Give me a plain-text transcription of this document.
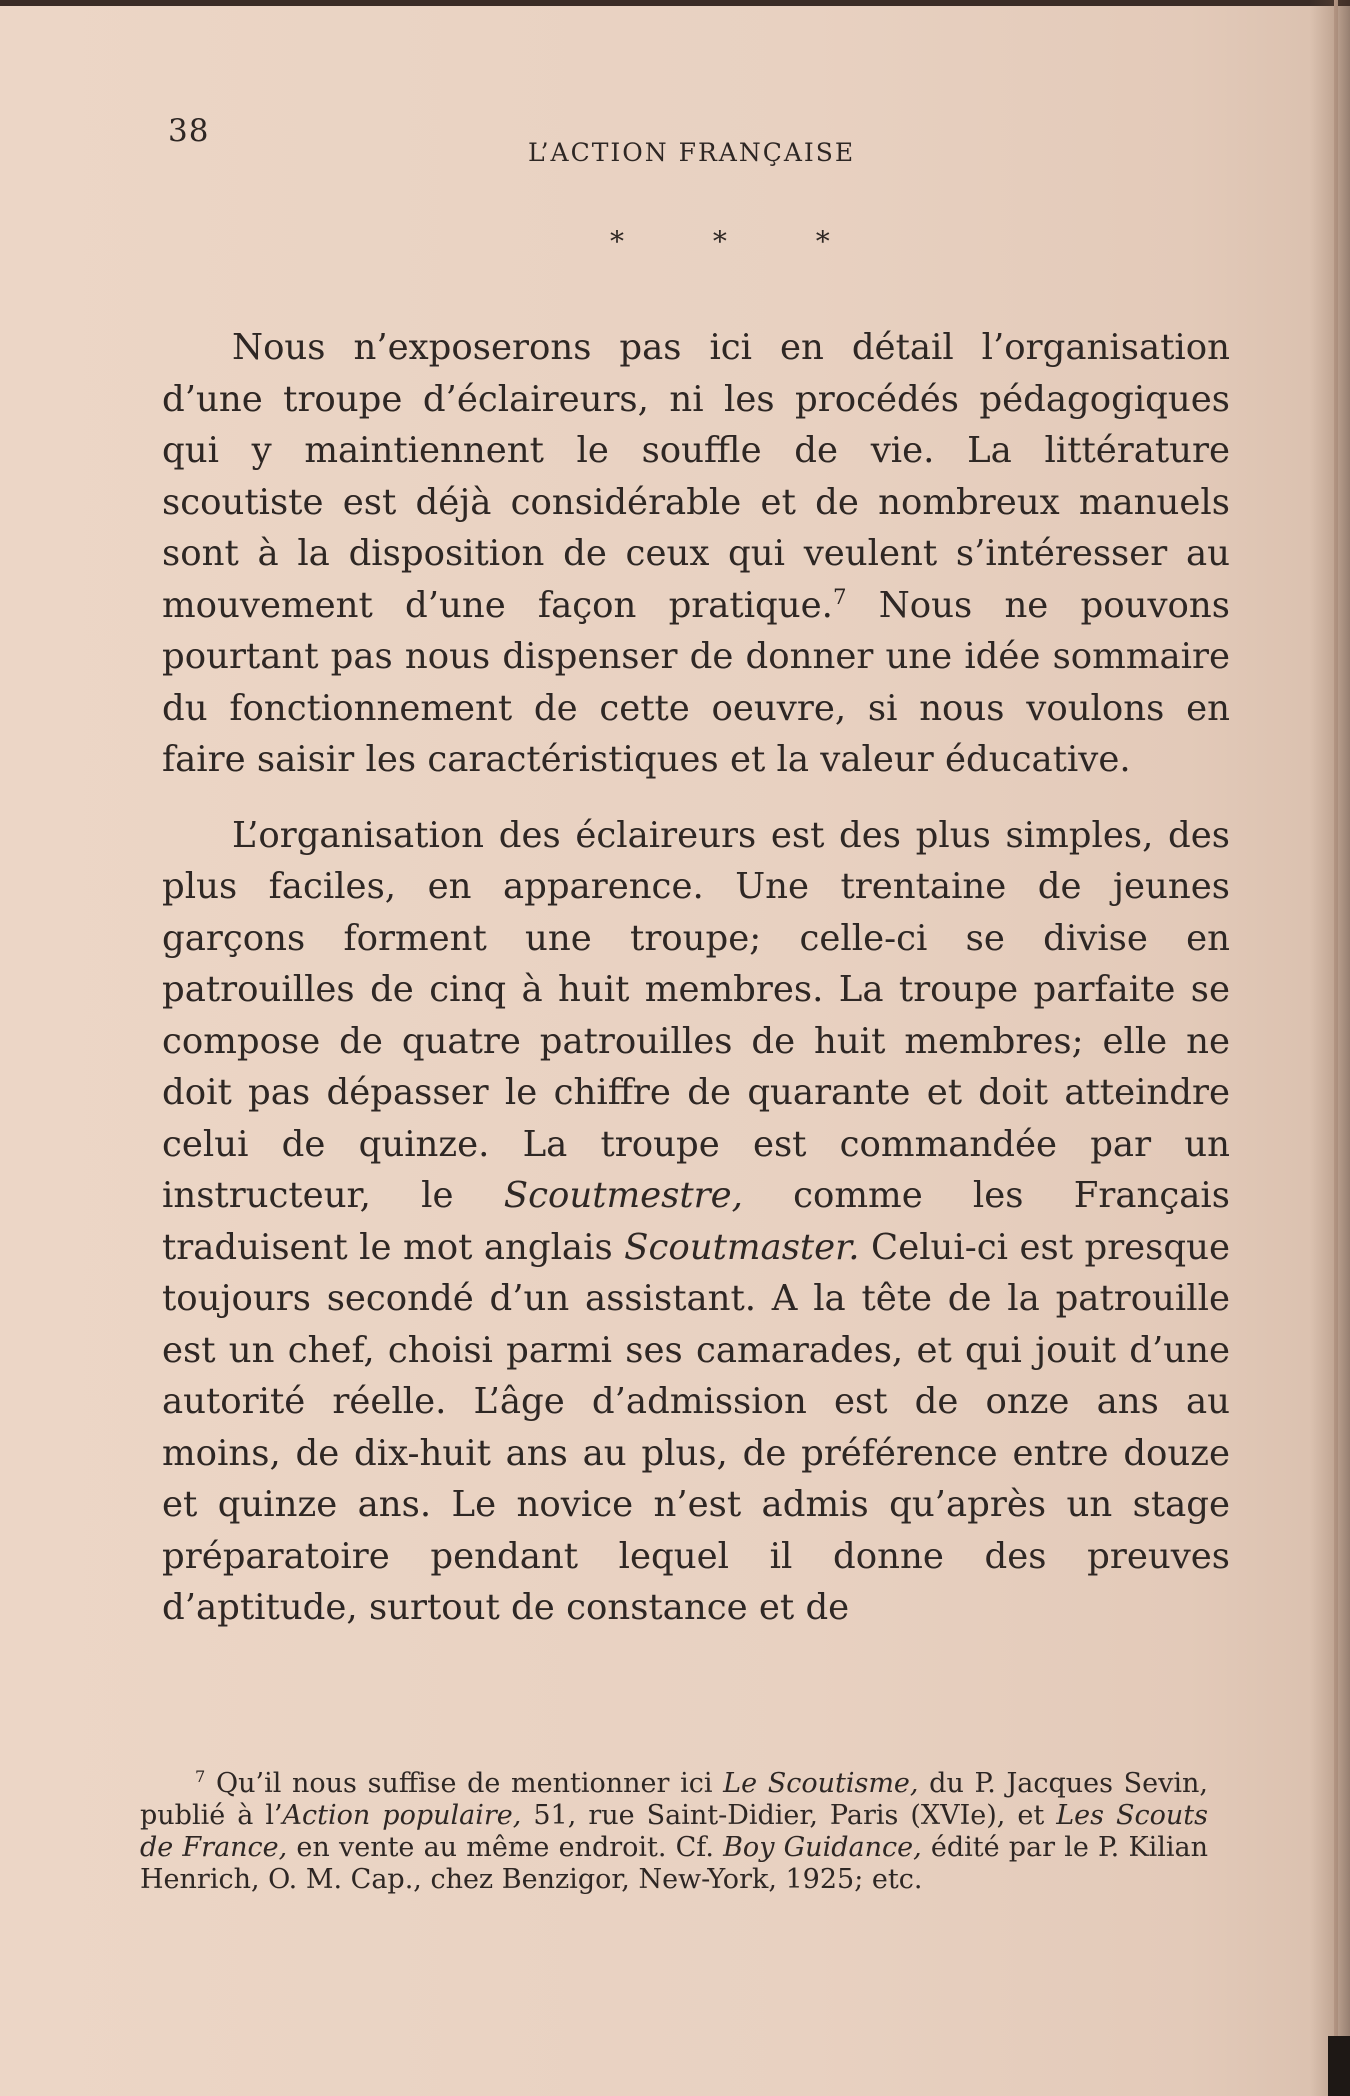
38
L’ACTION FRANÇAISE
* * *

Nous n’exposerons pas ici en détail l’organisation d’une troupe d’éclaireurs, ni les procédés pédagogiques qui y maintiennent le souffle de vie. La littérature scoutiste est déjà considérable et de nombreux manuels sont à la disposition de ceux qui veulent s’intéresser au mouvement d’une façon pratique.$^7$ Nous ne pouvons pourtant pas nous dispenser de donner une idée sommaire du fonctionnement de cette oeuvre, si nous voulons en faire saisir les caractéristiques et la valeur éducative.

L’organisation des éclaireurs est des plus simples, des plus faciles, en apparence. Une trentaine de jeunes garçons forment une troupe; celle-ci se divise en patrouilles de cinq à huit membres. La troupe parfaite se compose de quatre patrouilles de huit membres; elle ne doit pas dépasser le chiffre de quarante et doit atteindre celui de quinze. La troupe est commandée par un instructeur, le Scoutmestre, comme les Français traduisent le mot anglais Scoutmaster. Celui-ci est presque toujours secondé d’un assistant. A la tête de la patrouille est un chef, choisi parmi ses camarades, et qui jouit d’une autorité réelle. L’âge d’admission est de onze ans au moins, de dix-huit ans au plus, de préférence entre douze et quinze ans. Le novice n’est admis qu’après un stage préparatoire pendant lequel il donne des preuves d’aptitude, surtout de constance et de

$^7$ Qu’il nous suffise de mentionner ici Le Scoutisme, du P. Jacques Sevin, publié à l’Action populaire, 51, rue Saint-Didier, Paris (XVIe), et Les Scouts de France, en vente au même endroit. Cf. Boy Guidance, édité par le P. Kilian Henrich, O. M. Cap., chez Benzigor, New-York, 1925; etc.
